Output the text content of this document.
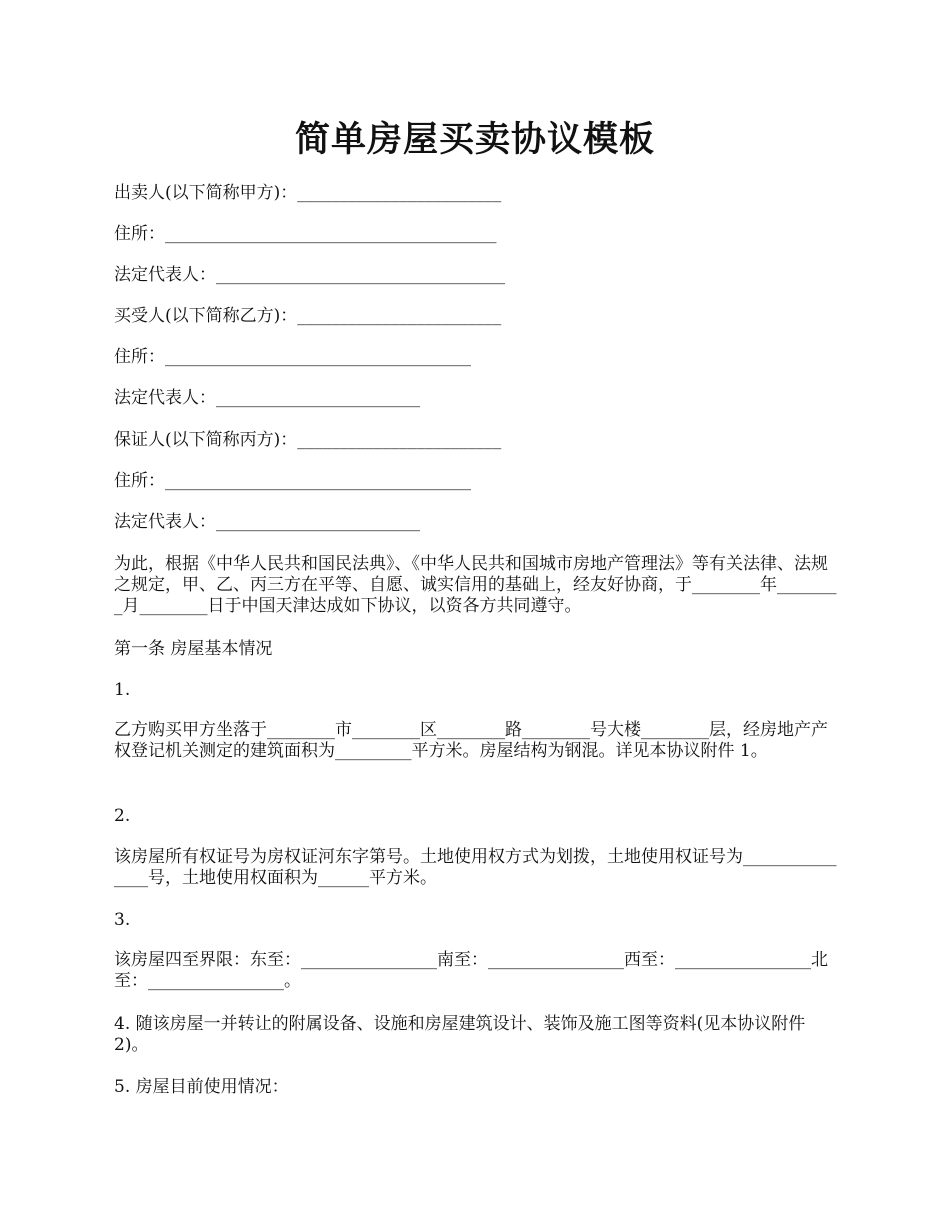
简单房屋买卖协议模板

出卖人(以下简称甲方)：________________________

住所：_______________________________________

法定代表人：__________________________________

买受人(以下简称乙方)：________________________

住所：____________________________________

法定代表人：________________________

保证人(以下简称丙方)：________________________

住所：____________________________________

法定代表人：________________________

为此，根据《中华人民共和国民法典》、《中华人民共和国城市房地产管理法》等有关法律、法规之规定，甲、乙、丙三方在平等、自愿、诚实信用的基础上，经友好协商，于________年________月________日于中国天津达成如下协议，以资各方共同遵守。

第一条 房屋基本情况

1.

乙方购买甲方坐落于________市________区________路________号大楼________层，经房地产产权登记机关测定的建筑面积为_________平方米。房屋结构为钢混。详见本协议附件 1。

2.

该房屋所有权证号为房权证河东字第号。土地使用权方式为划拨，土地使用权证号为_______________号，土地使用权面积为______平方米。

3.

该房屋四至界限：东至：________________南至：________________西至：________________北至：________________。

4. 随该房屋一并转让的附属设备、设施和房屋建筑设计、装饰及施工图等资料(见本协议附件 2)。

5. 房屋目前使用情况：
